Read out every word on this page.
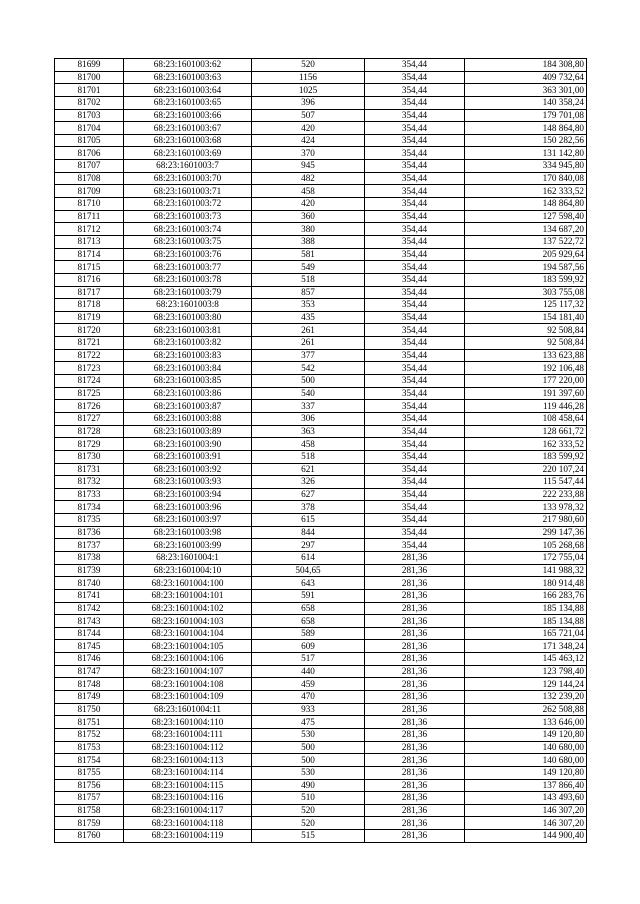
81699	68:23:1601003:62	520	354,44	184 308,80
81700	68:23:1601003:63	1156	354,44	409 732,64
81701	68:23:1601003:64	1025	354,44	363 301,00
81702	68:23:1601003:65	396	354,44	140 358,24
81703	68:23:1601003:66	507	354,44	179 701,08
81704	68:23:1601003:67	420	354,44	148 864,80
81705	68:23:1601003:68	424	354,44	150 282,56
81706	68:23:1601003:69	370	354,44	131 142,80
81707	68:23:1601003:7	945	354,44	334 945,80
81708	68:23:1601003:70	482	354,44	170 840,08
81709	68:23:1601003:71	458	354,44	162 333,52
81710	68:23:1601003:72	420	354,44	148 864,80
81711	68:23:1601003:73	360	354,44	127 598,40
81712	68:23:1601003:74	380	354,44	134 687,20
81713	68:23:1601003:75	388	354,44	137 522,72
81714	68:23:1601003:76	581	354,44	205 929,64
81715	68:23:1601003:77	549	354,44	194 587,56
81716	68:23:1601003:78	518	354,44	183 599,92
81717	68:23:1601003:79	857	354,44	303 755,08
81718	68:23:1601003:8	353	354,44	125 117,32
81719	68:23:1601003:80	435	354,44	154 181,40
81720	68:23:1601003:81	261	354,44	92 508,84
81721	68:23:1601003:82	261	354,44	92 508,84
81722	68:23:1601003:83	377	354,44	133 623,88
81723	68:23:1601003:84	542	354,44	192 106,48
81724	68:23:1601003:85	500	354,44	177 220,00
81725	68:23:1601003:86	540	354,44	191 397,60
81726	68:23:1601003:87	337	354,44	119 446,28
81727	68:23:1601003:88	306	354,44	108 458,64
81728	68:23:1601003:89	363	354,44	128 661,72
81729	68:23:1601003:90	458	354,44	162 333,52
81730	68:23:1601003:91	518	354,44	183 599,92
81731	68:23:1601003:92	621	354,44	220 107,24
81732	68:23:1601003:93	326	354,44	115 547,44
81733	68:23:1601003:94	627	354,44	222 233,88
81734	68:23:1601003:96	378	354,44	133 978,32
81735	68:23:1601003:97	615	354,44	217 980,60
81736	68:23:1601003:98	844	354,44	299 147,36
81737	68:23:1601003:99	297	354,44	105 268,68
81738	68:23:1601004:1	614	281,36	172 755,04
81739	68:23:1601004:10	504,65	281,36	141 988,32
81740	68:23:1601004:100	643	281,36	180 914,48
81741	68:23:1601004:101	591	281,36	166 283,76
81742	68:23:1601004:102	658	281,36	185 134,88
81743	68:23:1601004:103	658	281,36	185 134,88
81744	68:23:1601004:104	589	281,36	165 721,04
81745	68:23:1601004:105	609	281,36	171 348,24
81746	68:23:1601004:106	517	281,36	145 463,12
81747	68:23:1601004:107	440	281,36	123 798,40
81748	68:23:1601004:108	459	281,36	129 144,24
81749	68:23:1601004:109	470	281,36	132 239,20
81750	68:23:1601004:11	933	281,36	262 508,88
81751	68:23:1601004:110	475	281,36	133 646,00
81752	68:23:1601004:111	530	281,36	149 120,80
81753	68:23:1601004:112	500	281,36	140 680,00
81754	68:23:1601004:113	500	281,36	140 680,00
81755	68:23:1601004:114	530	281,36	149 120,80
81756	68:23:1601004:115	490	281,36	137 866,40
81757	68:23:1601004:116	510	281,36	143 493,60
81758	68:23:1601004:117	520	281,36	146 307,20
81759	68:23:1601004:118	520	281,36	146 307,20
81760	68:23:1601004:119	515	281,36	144 900,40
